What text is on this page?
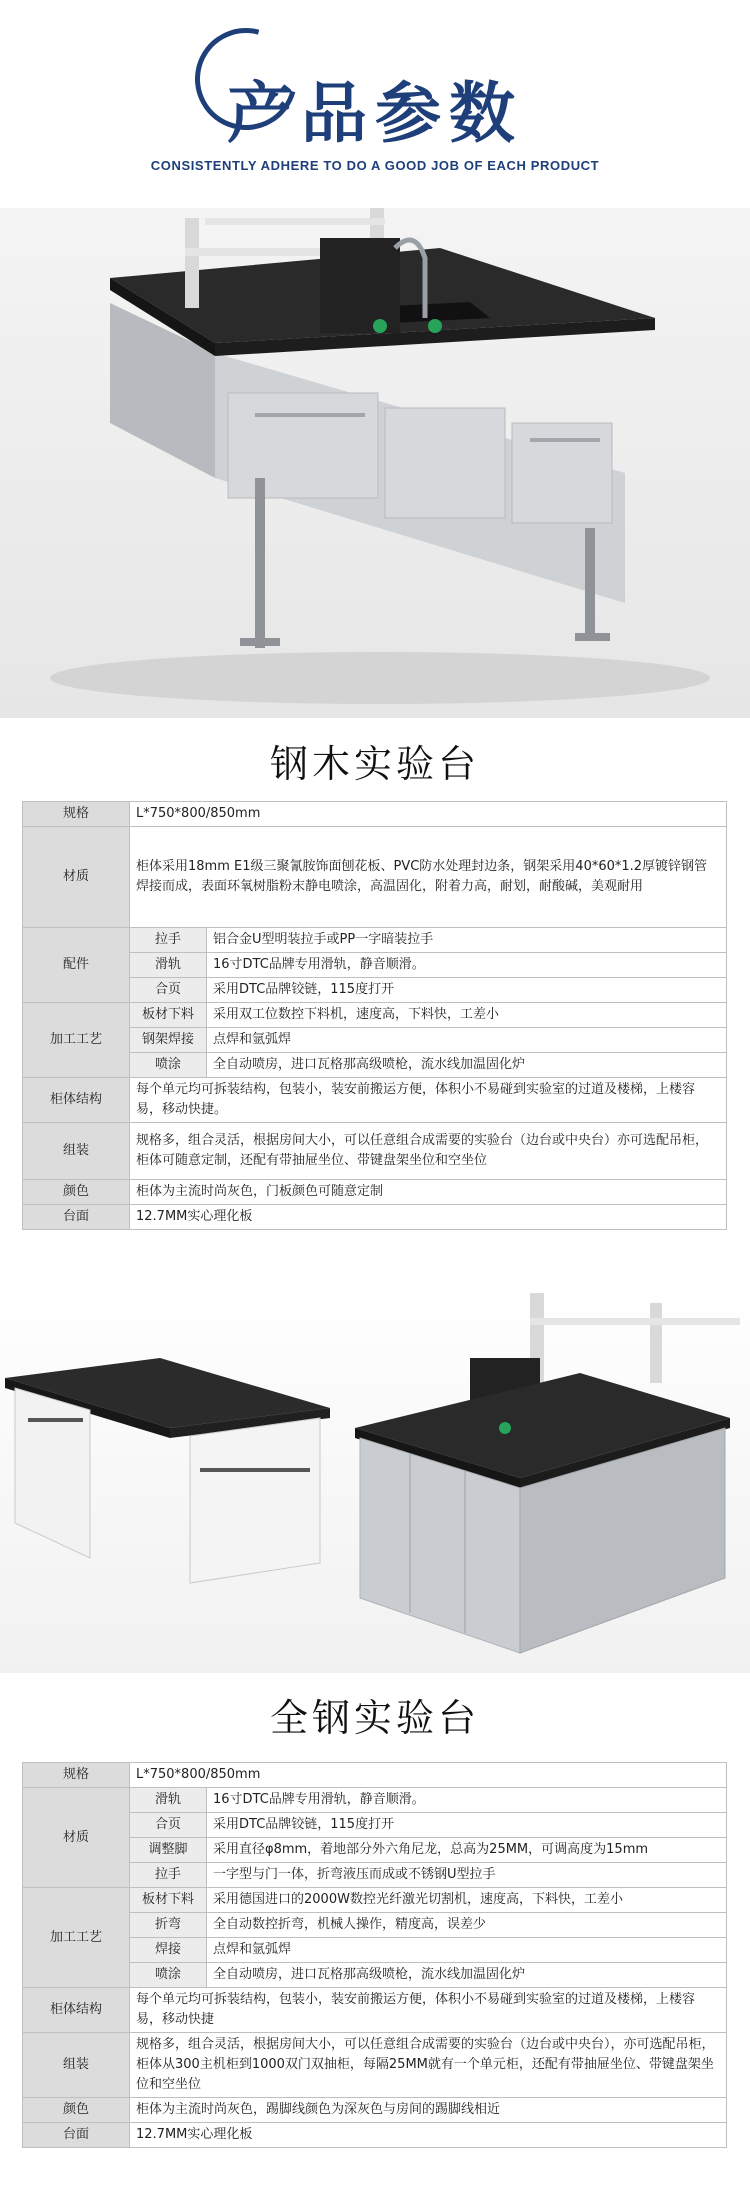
产品参数
CONSISTENTLY ADHERE TO DO A GOOD JOB OF EACH PRODUCT
钢木实验台
规格	L*750*800/850mm	
材质	柜体采用18mm E1级三聚氰胺饰面刨花板、PVC防水处理封边条，钢架采用40*60*1.2厚镀锌钢管焊接而成，表面环氧树脂粉末静电喷涂，高温固化，附着力高，耐划，耐酸碱，美观耐用	
配件	拉手	铝合金U型明装拉手或PP一字暗装拉手
	滑轨	16寸DTC品牌专用滑轨，静音顺滑。
	合页	采用DTC品牌铰链，115度打开
加工工艺	板材下料	采用双工位数控下料机，速度高，下料快，工差小
	钢架焊接	点焊和氩弧焊
	喷涂	全自动喷房，进口瓦格那高级喷枪，流水线加温固化炉
柜体结构	每个单元均可拆装结构，包装小，装安前搬运方便，体积小不易碰到实验室的过道及楼梯，上楼容易，移动快捷。	
组装	规格多，组合灵活，根据房间大小，可以任意组合成需要的实验台（边台或中央台）亦可选配吊柜，柜体可随意定制，还配有带抽屉坐位、带键盘架坐位和空坐位	
颜色	柜体为主流时尚灰色，门板颜色可随意定制	
台面	12.7MM实心理化板	
全钢实验台
规格	L*750*800/850mm	
材质	滑轨	16寸DTC品牌专用滑轨，静音顺滑。
	合页	采用DTC品牌铰链，115度打开
	调整脚	采用直径φ8mm，着地部分外六角尼龙，总高为25MM，可调高度为15mm
	拉手	一字型与门一体，折弯液压而成或不锈钢U型拉手
加工工艺	板材下料	采用德国进口的2000W数控光纤激光切割机，速度高，下料快，工差小
	折弯	全自动数控折弯，机械人操作，精度高，误差少
	焊接	点焊和氩弧焊
	喷涂	全自动喷房，进口瓦格那高级喷枪，流水线加温固化炉
柜体结构	每个单元均可拆装结构，包装小，装安前搬运方便，体积小不易碰到实验室的过道及楼梯，上楼容易，移动快捷	
组装	规格多，组合灵活，根据房间大小，可以任意组合成需要的实验台（边台或中央台），亦可选配吊柜，柜体从300主机柜到1000双门双抽柜，每隔25MM就有一个单元柜，还配有带抽屉坐位、带键盘架坐位和空坐位	
颜色	柜体为主流时尚灰色，踢脚线颜色为深灰色与房间的踢脚线相近	
台面	12.7MM实心理化板	
